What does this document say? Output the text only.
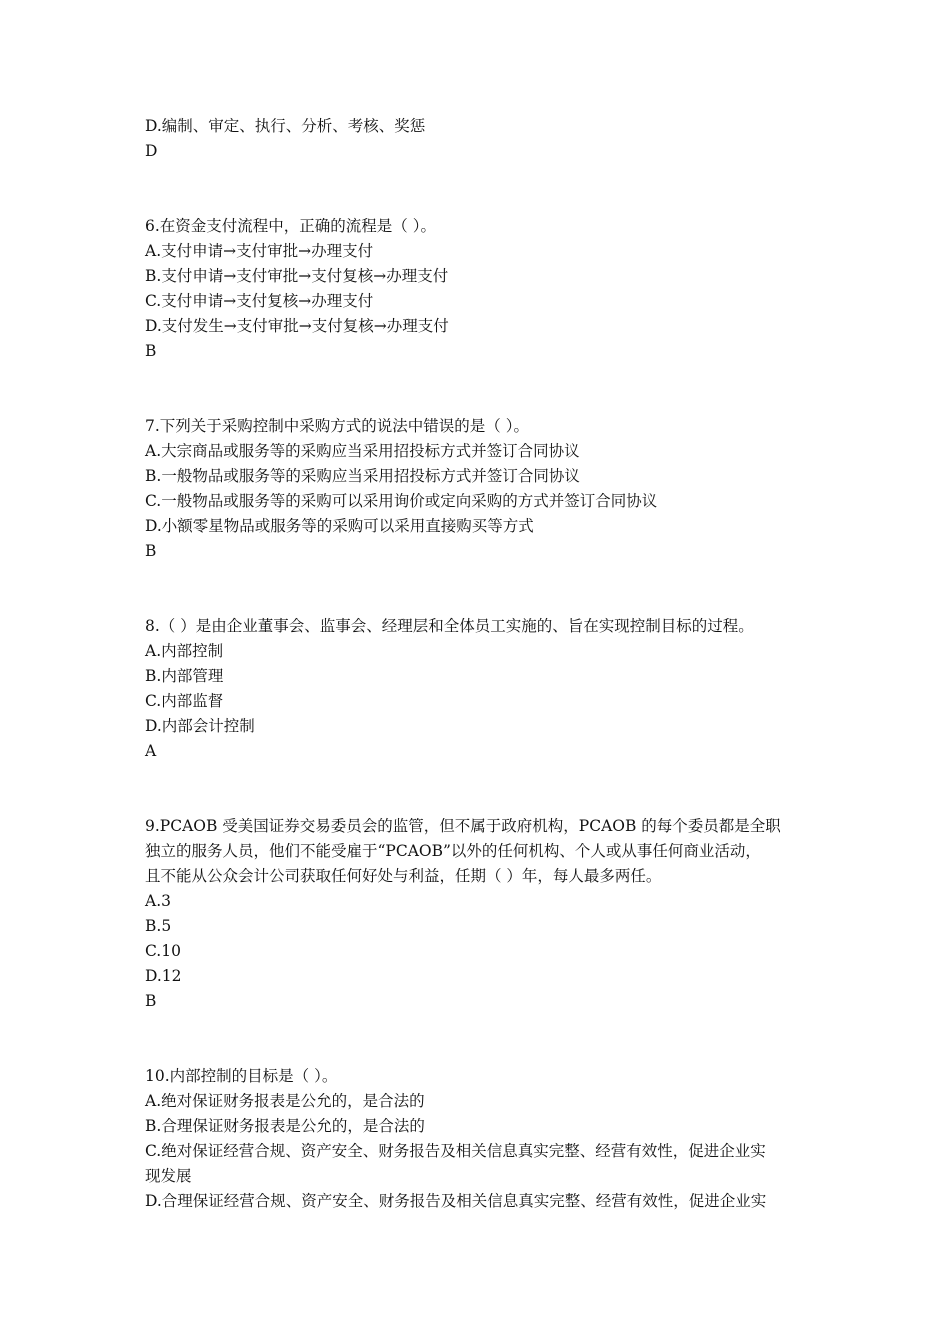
D.编制、审定、执行、分析、考核、奖惩
D
6.在资金支付流程中，正确的流程是（ ）。
A.支付申请→支付审批→办理支付
B.支付申请→支付审批→支付复核→办理支付
C.支付申请→支付复核→办理支付
D.支付发生→支付审批→支付复核→办理支付
B
7.下列关于采购控制中采购方式的说法中错误的是（ ）。
A.大宗商品或服务等的采购应当采用招投标方式并签订合同协议
B.一般物品或服务等的采购应当采用招投标方式并签订合同协议
C.一般物品或服务等的采购可以采用询价或定向采购的方式并签订合同协议
D.小额零星物品或服务等的采购可以采用直接购买等方式
B
8.（ ）是由企业董事会、监事会、经理层和全体员工实施的、旨在实现控制目标的过程。
A.内部控制
B.内部管理
C.内部监督
D.内部会计控制
A
9.PCAOB 受美国证券交易委员会的监管，但不属于政府机构，PCAOB 的每个委员都是全职
独立的服务人员，他们不能受雇于“PCAOB”以外的任何机构、个人或从事任何商业活动，
且不能从公众会计公司获取任何好处与利益，任期（ ）年，每人最多两任。
A.3
B.5
C.10
D.12
B
10.内部控制的目标是（ ）。
A.绝对保证财务报表是公允的，是合法的
B.合理保证财务报表是公允的，是合法的
C.绝对保证经营合规、资产安全、财务报告及相关信息真实完整、经营有效性，促进企业实
现发展
D.合理保证经营合规、资产安全、财务报告及相关信息真实完整、经营有效性，促进企业实
